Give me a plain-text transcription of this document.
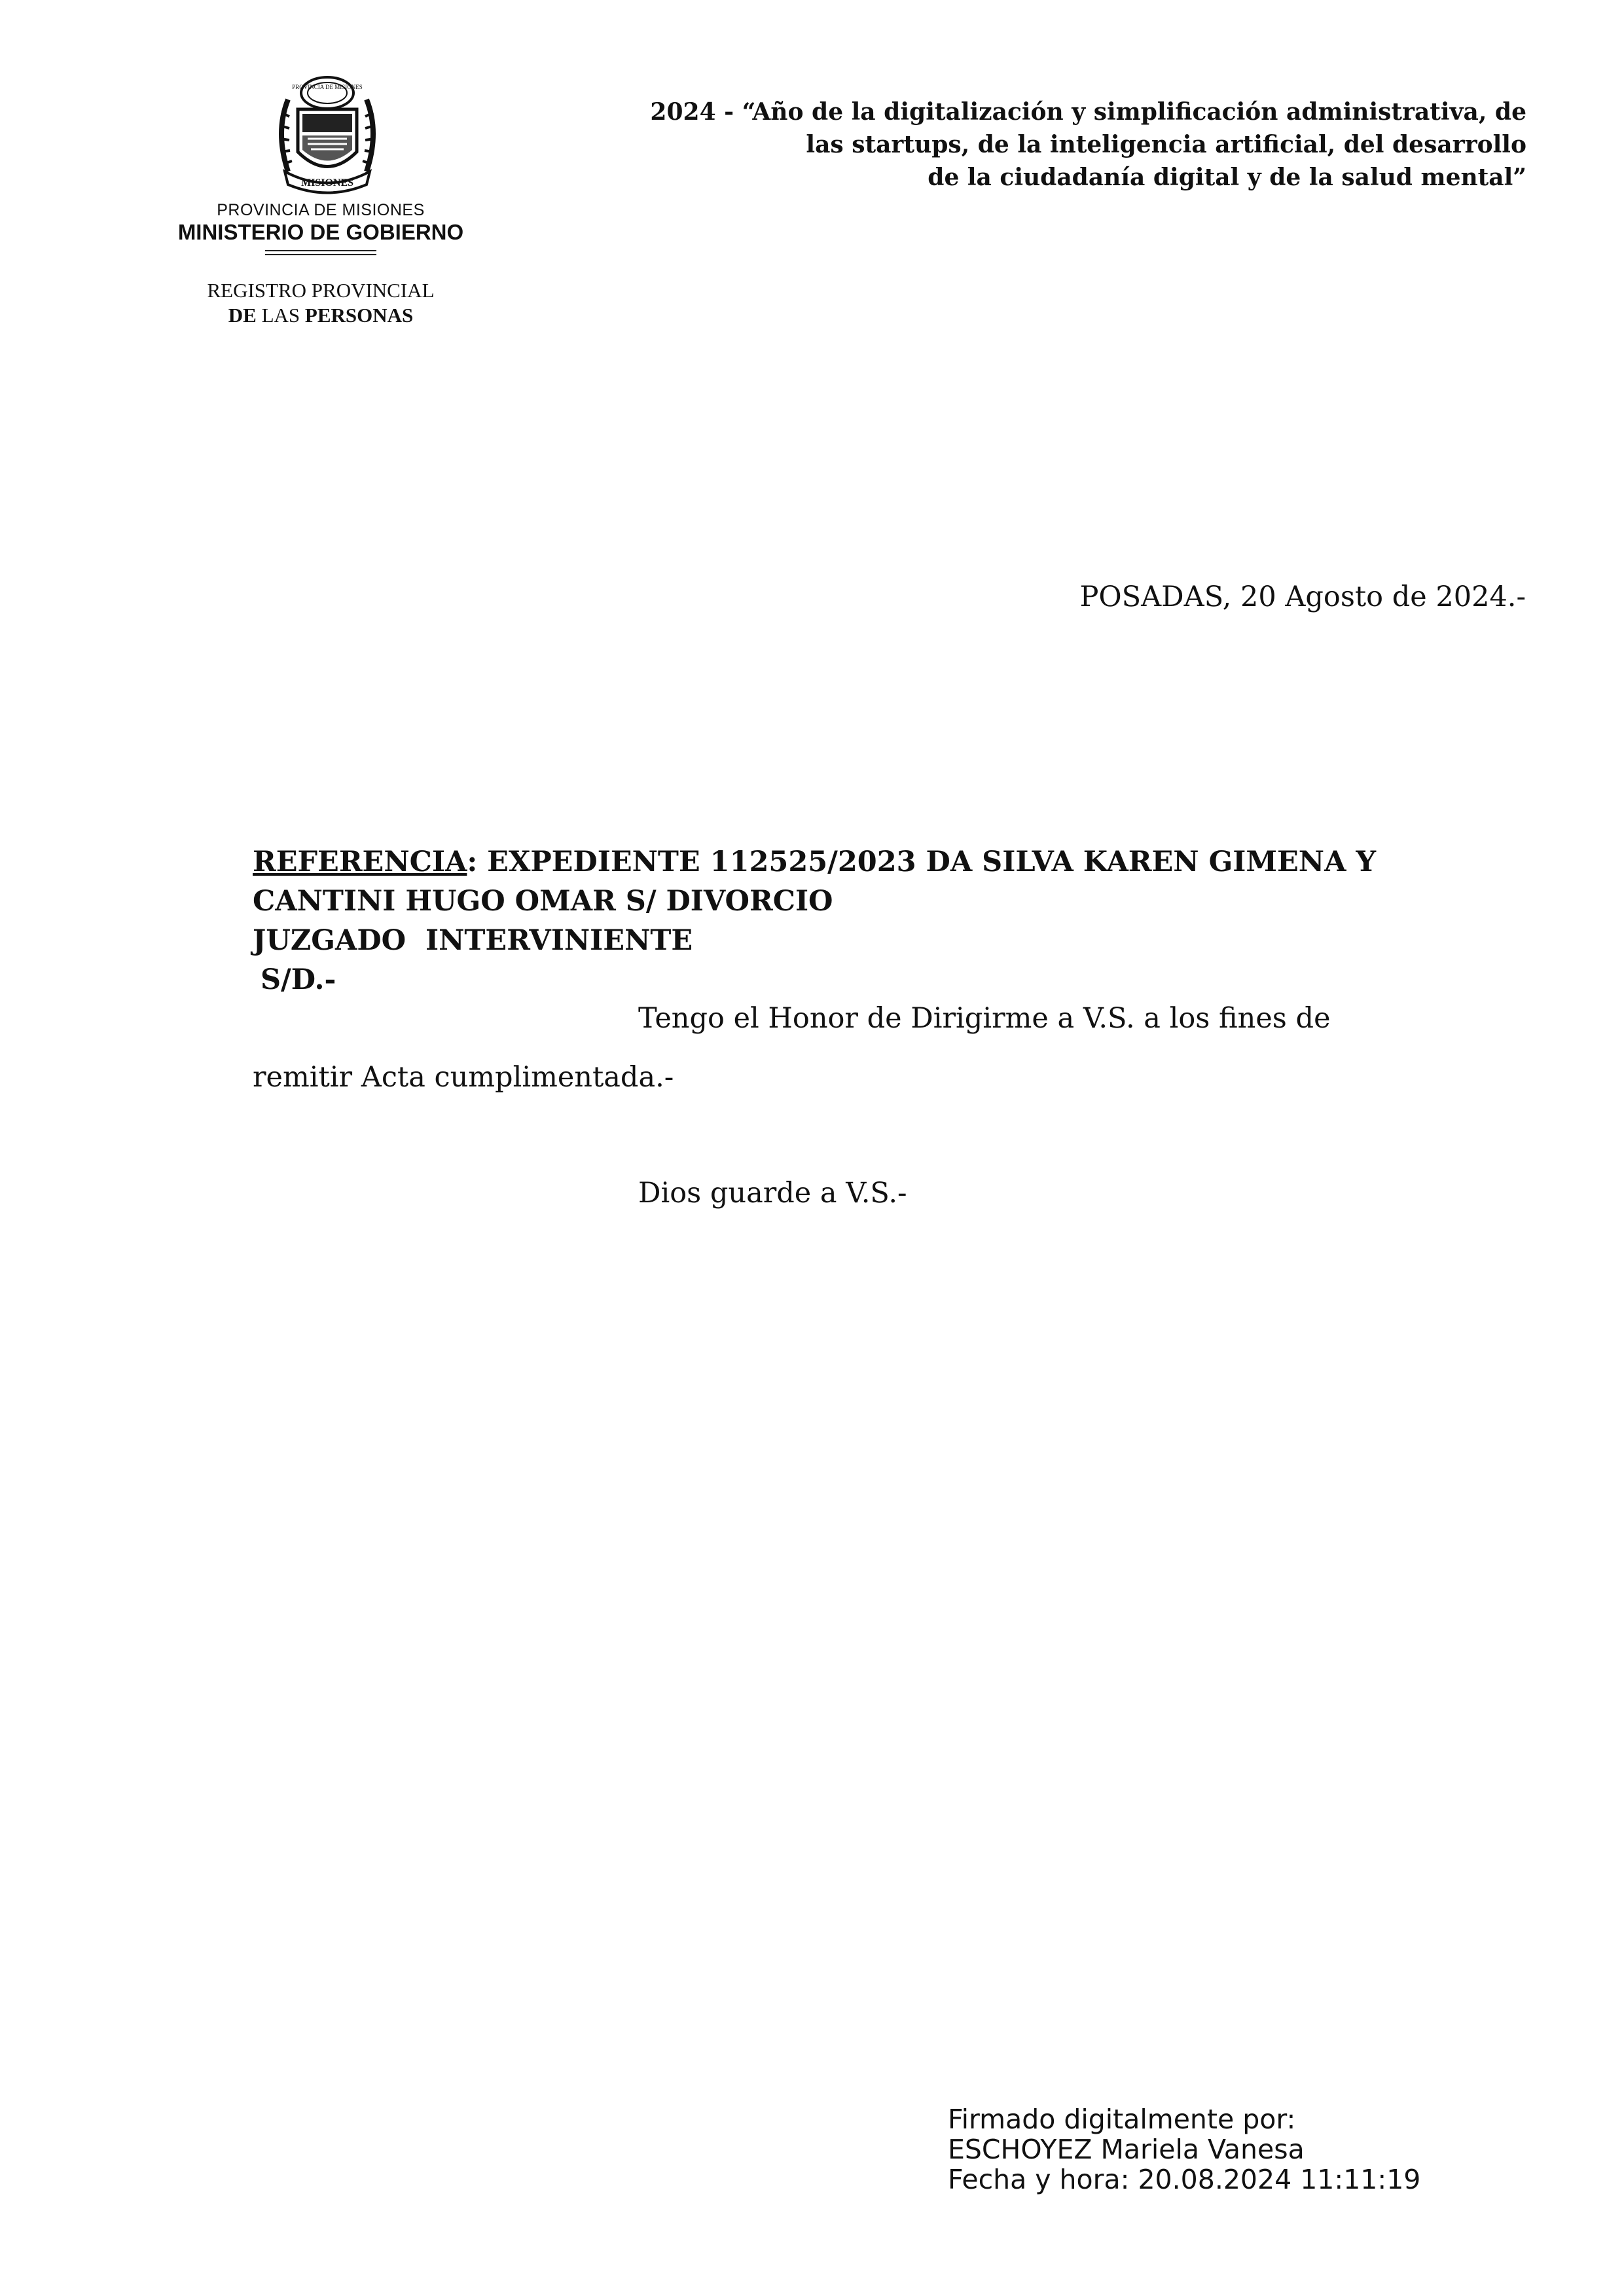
PROVINCIA DE MISIONES
MISIONES
PROVINCIA DE MISIONES
MINISTERIO DE GOBIERNO
REGISTRO PROVINCIAL
DE LAS PERSONAS
2024 - “Año de la digitalización y simplificación administrativa, de
las startups, de la inteligencia artificial, del desarrollo
de la ciudadanía digital y de la salud mental”
POSADAS, 20 Agosto de 2024.-
REFERENCIA: EXPEDIENTE 112525/2023 DA SILVA KAREN GIMENA Y
CANTINI HUGO OMAR S/ DIVORCIO
JUZGADO  INTERVINIENTE
S/D.-
Tengo el Honor de Dirigirme a V.S. a los fines de
remitir Acta cumplimentada.-
Dios guarde a V.S.-
Firmado digitalmente por:
ESCHOYEZ Mariela Vanesa
Fecha y hora: 20.08.2024 11:11:19
